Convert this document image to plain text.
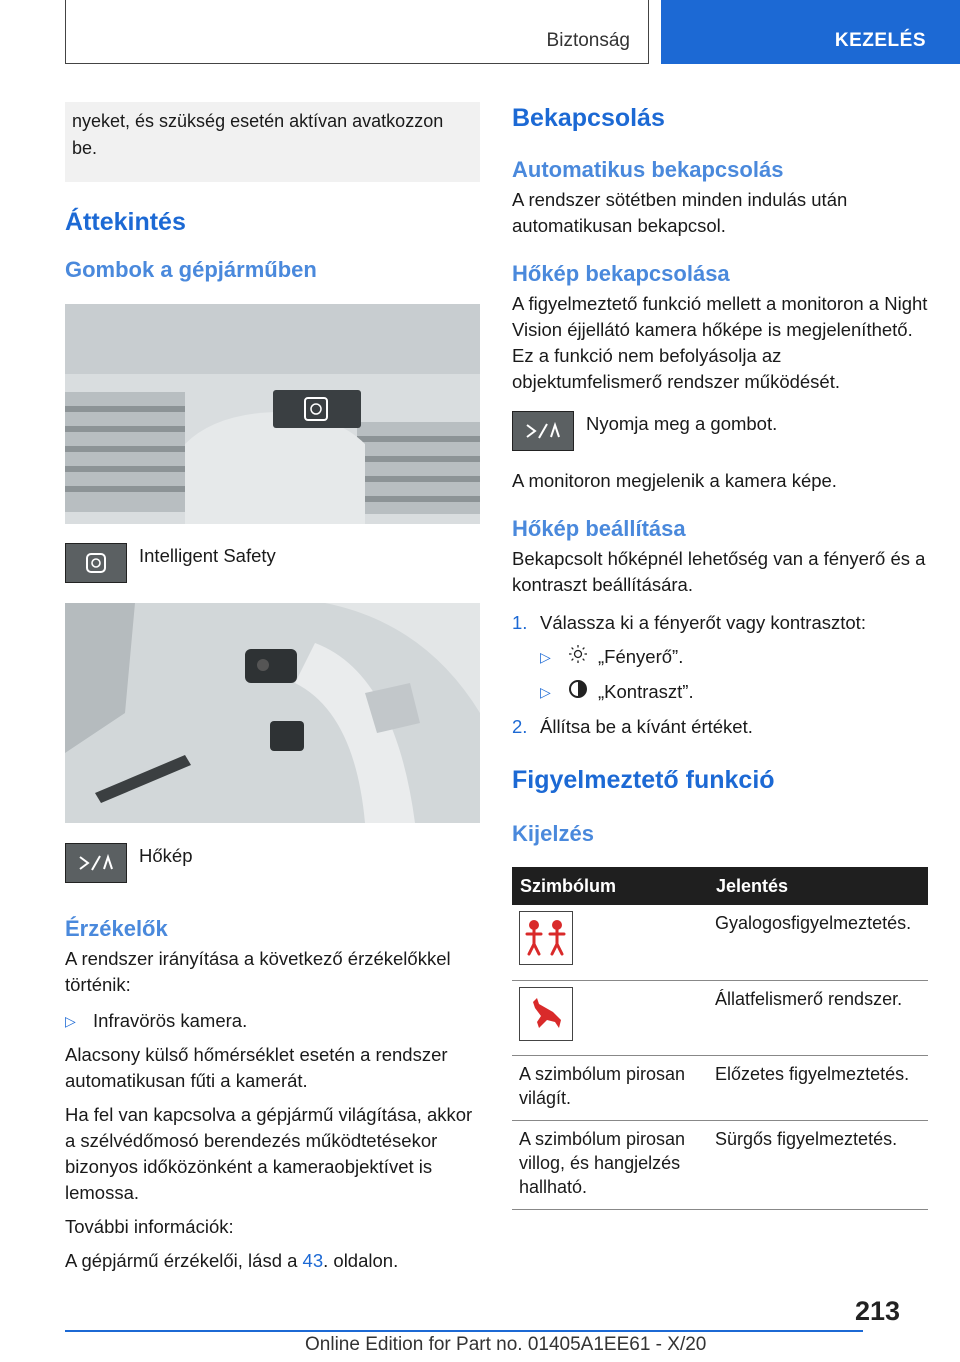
Biztonság	KEZELÉS
nyeket, és szükség esetén aktívan avatkozzon be.
Áttekintés
Gombok a gépjárműben
Intelligent Safety
Hőkép
Érzékelők

A rendszer irányítása a következő érzékelőkkel történik:

▷ Infravörös kamera.

Alacsony külső hőmérséklet esetén a rendszer automatikusan fűti a kamerát.

Ha fel van kapcsolva a gépjármű világítása, akkor a szélvédőmosó berendezés működtetésekor bizonyos időközönként a kameraobjektívet is lemossa.

További információk:

A gépjármű érzékelői, lásd a 43. oldalon.

Bekapcsolás
Automatikus bekapcsolás

A rendszer sötétben minden indulás után automatikusan bekapcsol.

Hőkép bekapcsolása

A figyelmeztető funkció mellett a monitoron a Night Vision éjjellátó kamera hőképe is megjeleníthető. Ez a funkció nem befolyásolja az objektumfelismerő rendszer működését.

Nyomja meg a gombot.

A monitoron megjelenik a kamera képe.

Hőkép beállítása

Bekapcsolt hőképnél lehetőség van a fényerő és a kontraszt beállítására.

1. Válassza ki a fényerőt vagy kontrasztot:
▷	„Fényerő”.
▷	„Kontraszt”.
2. Állítsa be a kívánt értéket.
Figyelmeztető funkció
Kijelzés
Szimbólum	Jelentés

	Gyalogosfigyelmeztetés.

	Állatfelismerő rendszer.
A szimbólum pirosan világít.	Előzetes figyelmeztetés.
A szimbólum pirosan villog, és hangjelzés hallható.	Sürgős figyelmeztetés.
213
Online Edition for Part no. 01405A1EE61 - X/20
